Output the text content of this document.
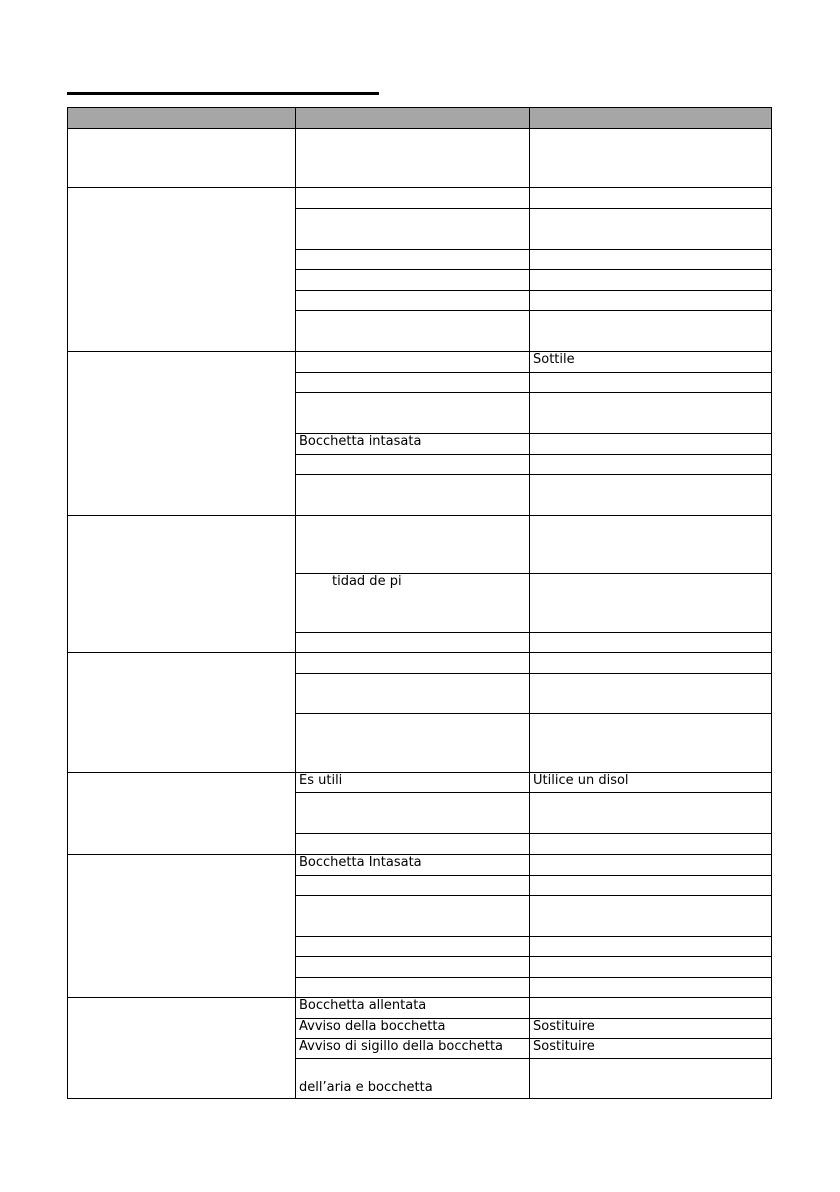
		Sottile

	Bocchetta intasata	

	tidad de pi	

	Es utili	Utilice un disol

	Bocchetta Intasata	

	Bocchetta allentata	
	Avviso della bocchetta	Sostituire
	Avviso di sigillo della bocchetta	Sostituire
	dell’aria e bocchetta	
